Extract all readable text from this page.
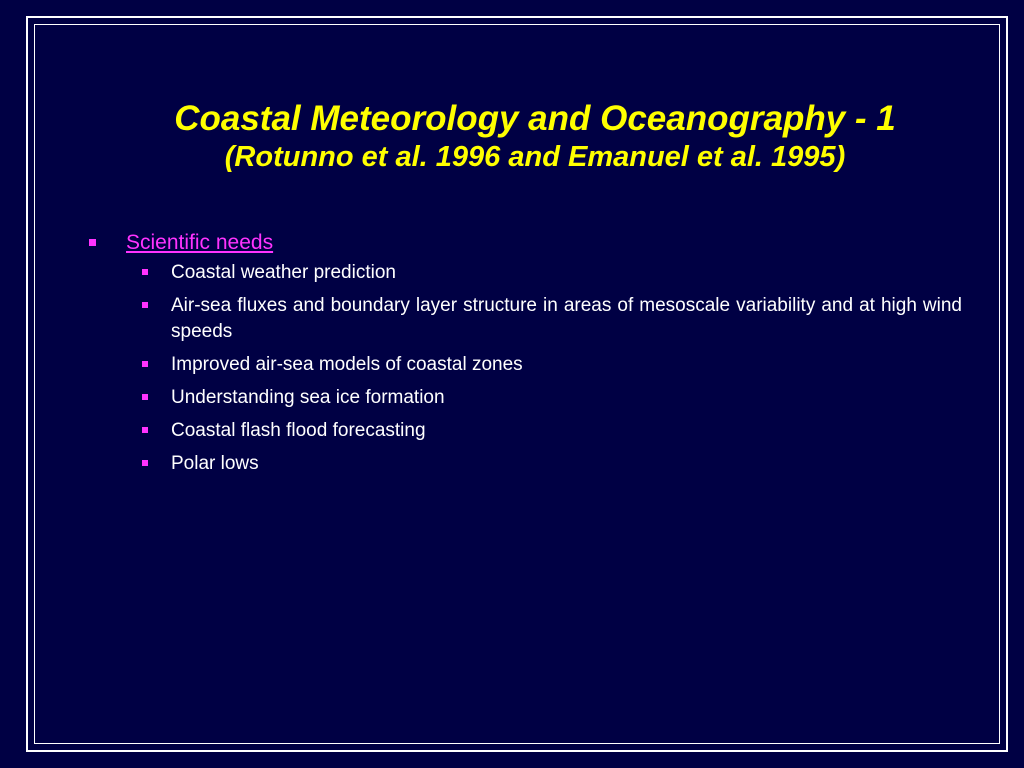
Coastal Meteorology and Oceanography - 1
(Rotunno et al. 1996 and Emanuel et al. 1995)
Scientific needs
Coastal weather prediction
Air-sea fluxes and boundary layer structure in areas of mesoscale variability and at high wind speeds
Improved air-sea models of coastal zones
Understanding sea ice formation
Coastal flash flood forecasting
Polar lows
